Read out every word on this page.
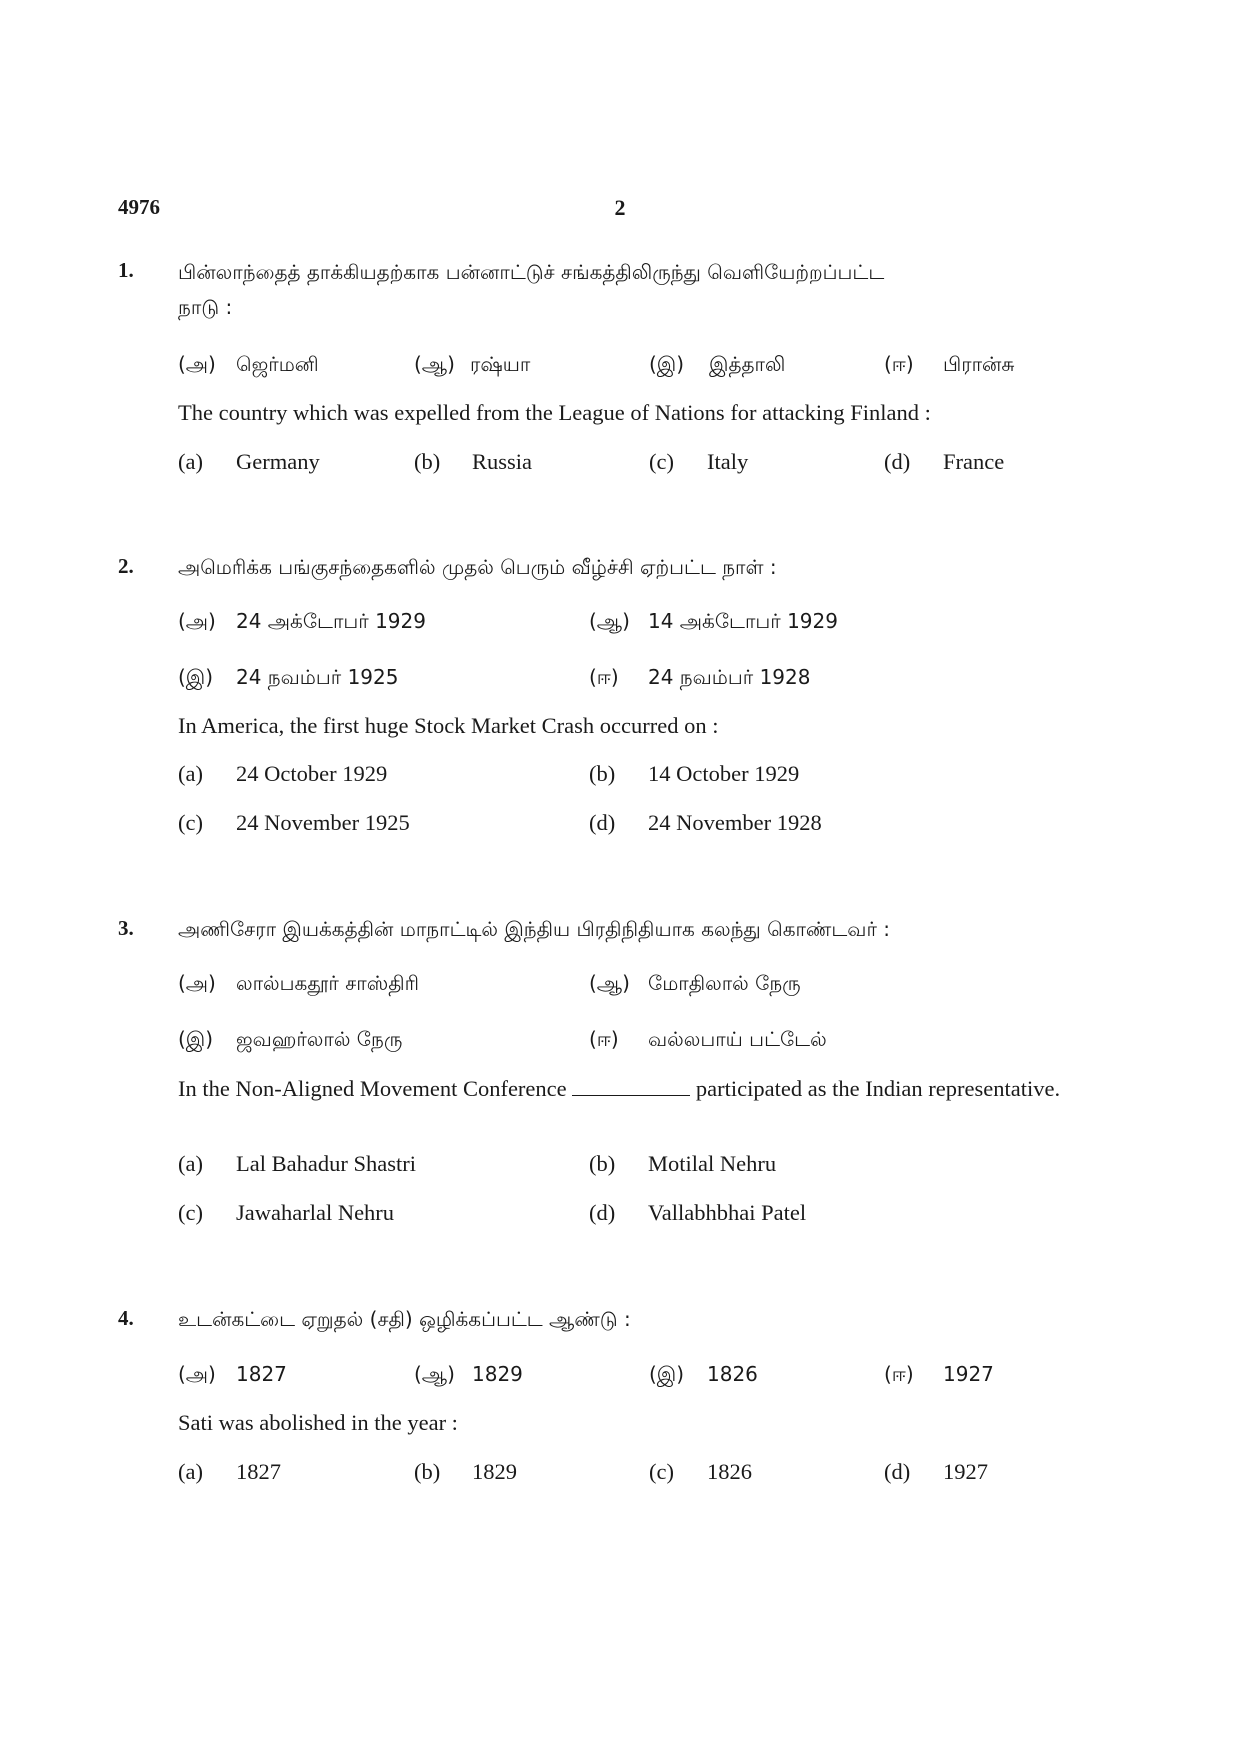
4976	2
1. பின்லாந்தைத் தாக்கியதற்காக பன்னாட்டுச் சங்கத்திலிருந்து வெளியேற்றப்பட்ட
நாடு :
(அ) ஜெர்மனி	(ஆ) ரஷ்யா	(இ) இத்தாலி	(ஈ) பிரான்சு
The country which was expelled from the League of Nations for attacking Finland :
(a) Germany	(b) Russia	(c) Italy	(d) France
2. அமெரிக்க பங்குசந்தைகளில் முதல் பெரும் வீழ்ச்சி ஏற்பட்ட நாள் :
(அ) 24 அக்டோபர் 1929	(ஆ) 14 அக்டோபர் 1929
(இ) 24 நவம்பர் 1925	(ஈ) 24 நவம்பர் 1928
In America, the first huge Stock Market Crash occurred on :
(a) 24 October 1929	(b) 14 October 1929
(c) 24 November 1925	(d) 24 November 1928
3. அணிசேரா இயக்கத்தின் மாநாட்டில் இந்திய பிரதிநிதியாக கலந்து கொண்டவர் :
(அ) லால்பகதூர் சாஸ்திரி	(ஆ) மோதிலால் நேரு
(இ) ஜவஹர்லால் நேரு	(ஈ) வல்லபாய் பட்டேல்
In the Non-Aligned Movement Conference	participated as the Indian representative.
(a) Lal Bahadur Shastri	(b) Motilal Nehru
(c) Jawaharlal Nehru	(d) Vallabhbhai Patel
4. உடன்கட்டை ஏறுதல் (சதி) ஒழிக்கப்பட்ட ஆண்டு :
(அ) 1827	(ஆ) 1829	(இ) 1826	(ஈ) 1927
Sati was abolished in the year :
(a) 1827	(b) 1829	(c) 1826	(d) 1927
